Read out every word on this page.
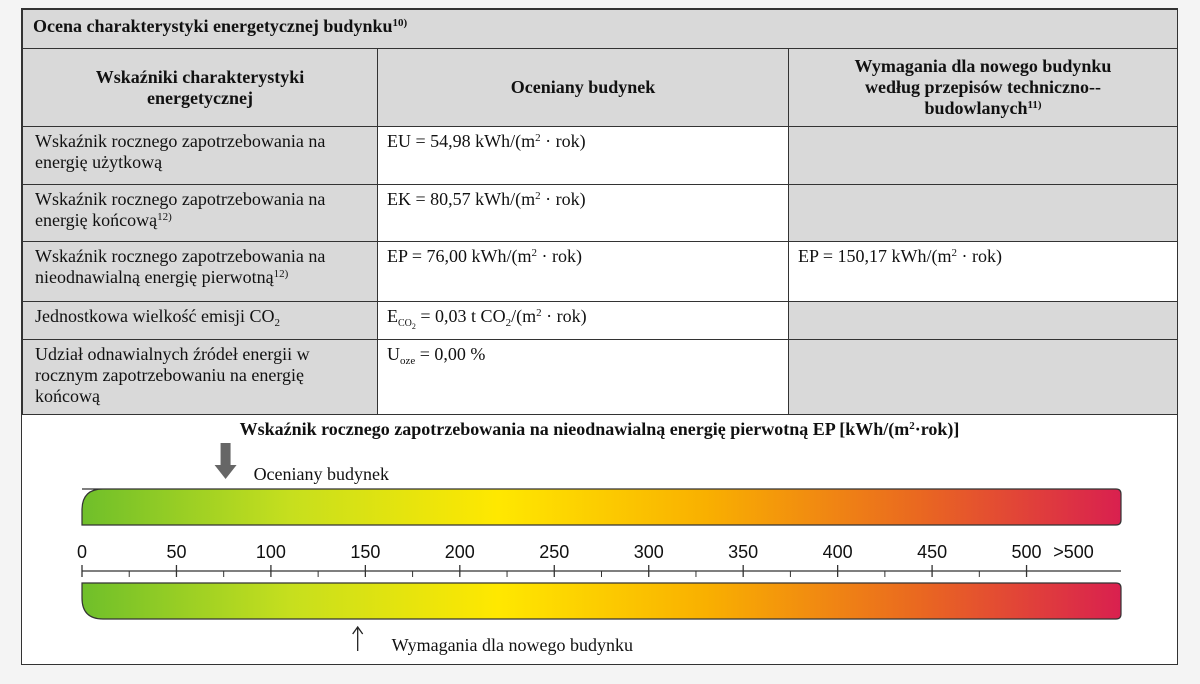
Ocena charakterystyki energetycznej budynku$^{10)}$

Wskaźniki charakterystyki energetycznej	Oceniany budynek	Wymagania dla nowego budynku według przepisów techniczno--budowlanych$^{11)}$

Wskaźnik rocznego zapotrzebowania na energię użytkową	EU = 54,98 kWh/$(m^2 \cdot rok)$	
Wskaźnik rocznego zapotrzebowania na energię końcową$^{12)}$	EK = 80,57 kWh/$(m^2 \cdot rok)$	
Wskaźnik rocznego zapotrzebowania na nieodnawialną energię pierwotną$^{12)}$	EP = 76,00 kWh/$(m^2 \cdot rok)$	EP = 150,17 kWh/$(m^2 \cdot rok)$
Jednostkowa wielkość emisji $CO_2$	$E_{CO_2} = 0,03$ t $CO_2/(m^2 \cdot rok)$	
Udział odnawialnych źródeł energii w rocznym zapotrzebowaniu na energię końcową	$U_{oze} = 0,00$ %	
0	50	100	150	200	250	300	350	400	450	500 >500
Wskaźnik rocznego zapotrzebowania na nieodnawialną energię pierwotną EP $[kWh/(m^2\cdot rok)]$
Oceniany budynek
Wymagania dla nowego budynku
